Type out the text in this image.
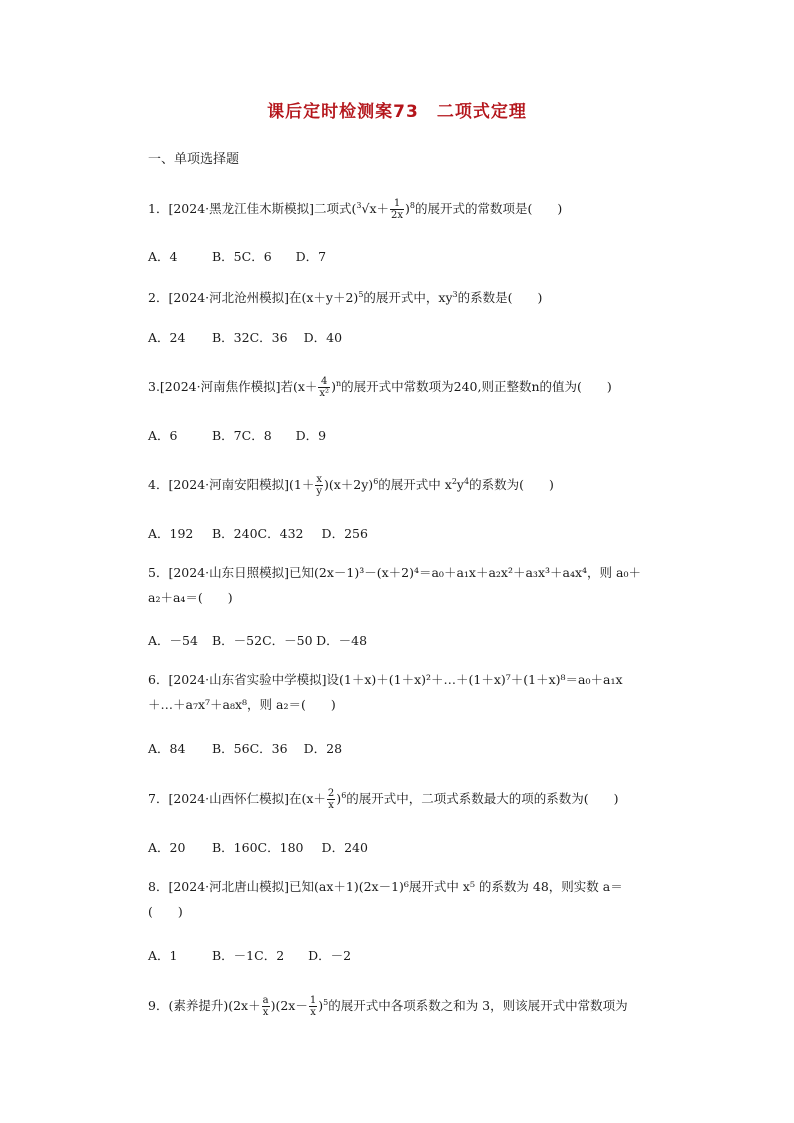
课后定时检测案73　二项式定理
一、单项选择题
1．[2024·黑龙江佳木斯模拟]二项式$(^3√x+ \frac{1}{2x} )^8$的展开式的常数项是(　　)
A．4	B．5C．6 D．7
2．[2024·河北沧州模拟]在$(x+y+2)^5$的展开式中，$xy^3$的系数是(　　)
A．24 B．32C．36 D．40
3.[2024·河南焦作模拟]若$(x+ \frac{4}{\text{x²}} )^n$的展开式中常数项为240,则正整数n的值为(　　)
A．6	B．7C．8 D．9
4．[2024·河南安阳模拟]$(1+ \frac{x}{y} )(x+2y)^6$的展开式中 $x^2y^4$的系数为(　　)
A．192 B．240C．432 D．256
5．[2024·山东日照模拟]已知(2x－1)³－(x＋2)⁴＝a₀＋a₁x＋a₂x²＋a₃x³＋a₄x⁴，则 a₀＋
a₂＋a₄＝(　　)
A．－54 B．－52C．－50 D．－48
6．[2024·山东省实验中学模拟]设(1＋x)＋(1＋x)²＋…＋(1＋x)⁷＋(1＋x)⁸＝a₀＋a₁x
＋…＋a₇x⁷＋a₈x⁸，则 a₂＝(　　)
A．84 B．56C．36 D．28
7．[2024·山西怀仁模拟]在$(x+ \frac{2}{x} )^6$的展开式中，二项式系数最大的项的系数为(　　)
A．20 B．160C．180 D．240
8．[2024·河北唐山模拟]已知(ax＋1)(2x－1)⁶展开式中 x⁵ 的系数为 48，则实数 a＝
(　　)
A．1	B．－1C．2 D．－2
9．(素养提升)$(2x+ \frac{a}{x} )(2x- \frac{1}{x} )^5$的展开式中各项系数之和为 3，则该展开式中常数项为
